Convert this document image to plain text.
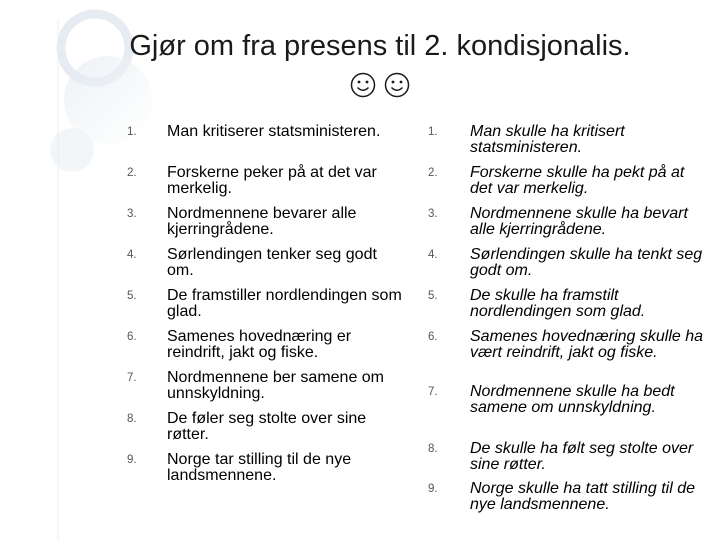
Gjør om fra presens til 2. kondisjonalis.

1. Man kritiserer statsministeren.
2. Forskerne peker på at det var merkelig.
3. Nordmennene bevarer alle kjerringrådene.
4. Sørlendingen tenker seg godt om.
5. De framstiller nordlendingen som glad.
6. Samenes hovednæring er reindrift, jakt og fiske.
7. Nordmennene ber samene om unnskyldning.
8. De føler seg stolte over sine røtter.
9. Norge tar stilling til de nye landsmennene.
1. Man skulle ha kritisert statsministeren.
2. Forskerne skulle ha pekt på at det var merkelig.
3. Nordmennene skulle ha bevart alle kjerringrådene.
4. Sørlendingen skulle ha tenkt seg godt om.
5. De skulle ha framstilt nordlendingen som glad.
6. Samenes hovednæring skulle ha vært reindrift, jakt og fiske.
7. Nordmennene skulle ha bedt samene om unnskyldning.
8. De skulle ha følt seg stolte over sine røtter.
9. Norge skulle ha tatt stilling til de nye landsmennene.
